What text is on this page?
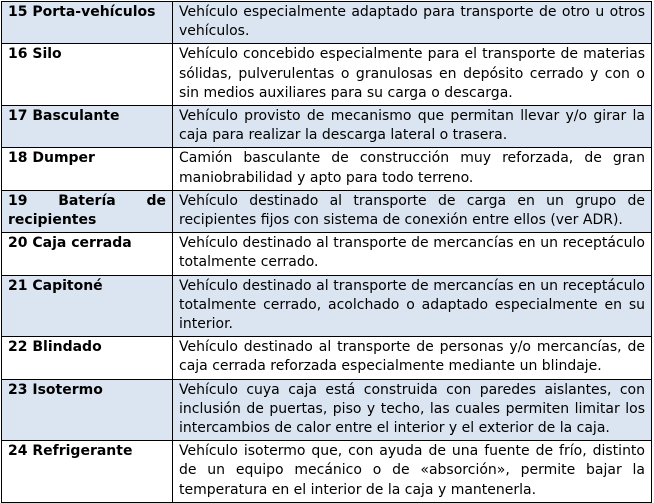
15 Porta-vehículos	Vehículo especialmente adaptado para transporte de otro u otros vehículos.
16 Silo	Vehículo concebido especialmente para el transporte de materias sólidas, pulverulentas o granulosas en depósito cerrado y con o sin medios auxiliares para su carga o descarga.
17 Basculante	Vehículo provisto de mecanismo que permitan llevar y/o girar la caja para realizar la descarga lateral o trasera.
18 Dumper	Camión basculante de construcción muy reforzada, de gran maniobrabilidad y apto para todo terreno.
19 Batería de recipientes	Vehículo destinado al transporte de carga en un grupo de recipientes fijos con sistema de conexión entre ellos (ver ADR).
20 Caja cerrada	Vehículo destinado al transporte de mercancías en un receptáculo totalmente cerrado.
21 Capitoné	Vehículo destinado al transporte de mercancías en un receptáculo totalmente cerrado, acolchado o adaptado especialmente en su interior.
22 Blindado	Vehículo destinado al transporte de personas y/o mercancías, de caja cerrada reforzada especialmente mediante un blindaje.
23 Isotermo	Vehículo cuya caja está construida con paredes aislantes, con inclusión de puertas, piso y techo, las cuales permiten limitar los intercambios de calor entre el interior y el exterior de la caja.
24 Refrigerante	Vehículo isotermo que, con ayuda de una fuente de frío, distinto de un equipo mecánico o de «absorción», permite bajar la temperatura en el interior de la caja y mantenerla.
